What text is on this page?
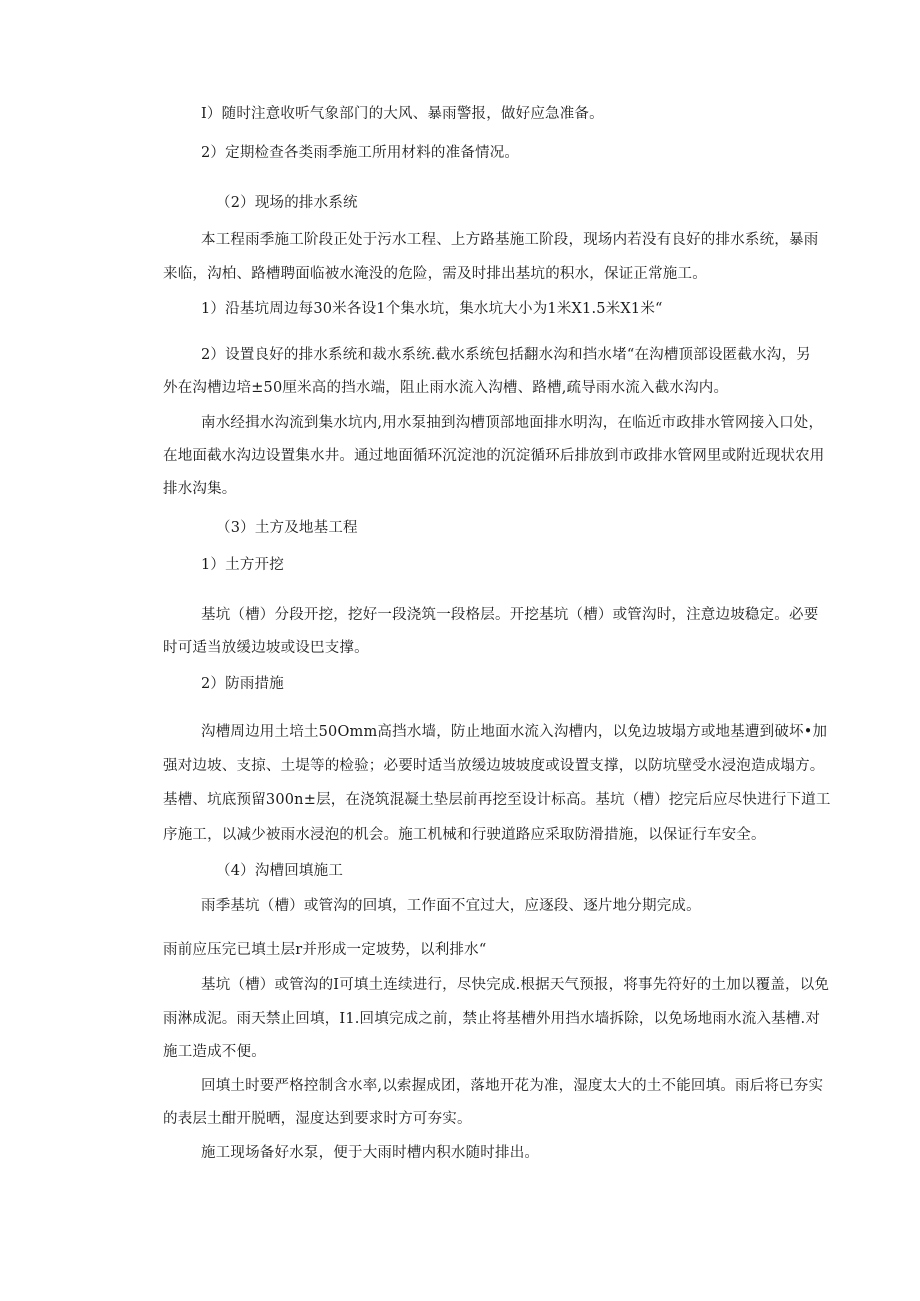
I）随时注意收听气象部门的大风、暴雨警报，做好应急准备。
2）定期检查各类雨季施工所用材料的准备情况。
（2）现场的排水系统
本工程雨季施工阶段正处于污水工程、上方路基施工阶段，现场内若没有良好的排水系统，暴雨
来临，沟柏、路槽聘面临被水淹没的危险，需及时排出基坑的积水，保证正常施工。
1）沿基坑周边每30米各设1个集水坑，集水坑大小为1米X1.5米X1米“
2）设置良好的排水系统和裁水系统.截水系统包括翻水沟和挡水堵“在沟槽顶部设匿截水沟，另
外在沟槽边培±50厘米高的挡水端，阻止雨水流入沟槽、路槽,疏导雨水流入截水沟内。
南水经揖水沟流到集水坑内,用水泵抽到沟槽顶部地面排水明沟，在临近市政排水管网接入口处，
在地面截水沟边设置集水井。通过地面循环沉淀池的沉淀循环后排放到市政排水管网里或附近现状农用
排水沟集。
（3）土方及地基工程
1）土方开挖
基坑（槽）分段开挖，挖好一段浇筑一段格层。开挖基坑（槽）或管沟时，注意边坡稳定。必要
时可适当放缓边坡或设巴支撑。
2）防雨措施
沟槽周边用土培土50Omm高挡水墙，防止地面水流入沟槽内，以免边坡塌方或地基遭到破坏•加
强对边坡、支掠、土堤等的检验；必要时适当放缓边坡坡度或设置支撑，以防坑壁受水浸泡造成塌方。
基槽、坑底预留300n±层，在浇筑混凝土垫层前再挖至设计标高。基坑（槽）挖完后应尽快进行下道工
序施工，以减少被雨水浸泡的机会。施工机械和行驶道路应采取防滑措施，以保证行车安全。
（4）沟槽回填施工
雨季基坑（槽）或管沟的回填，工作面不宜过大，应逐段、逐片地分期完成。
雨前应压完已填土层r并形成一定坡势，以利排水“
基坑（槽）或管沟的I可填土连续进行，尽快完成.根据天气预报，将事先符好的土加以覆盖，以免
雨淋成泥。雨天禁止回填，I1.回填完成之前，禁止将基槽外用挡水墙拆除，以免场地雨水流入基槽.对
施工造成不便。
回填土时要严格控制含水率,以索握成团，落地开花为准，湿度太大的土不能回填。雨后将已夯实
的表层土酣开脱晒，湿度达到要求时方可夯实。
施工现场备好水泵，便于大雨时槽内积水随时排出。
